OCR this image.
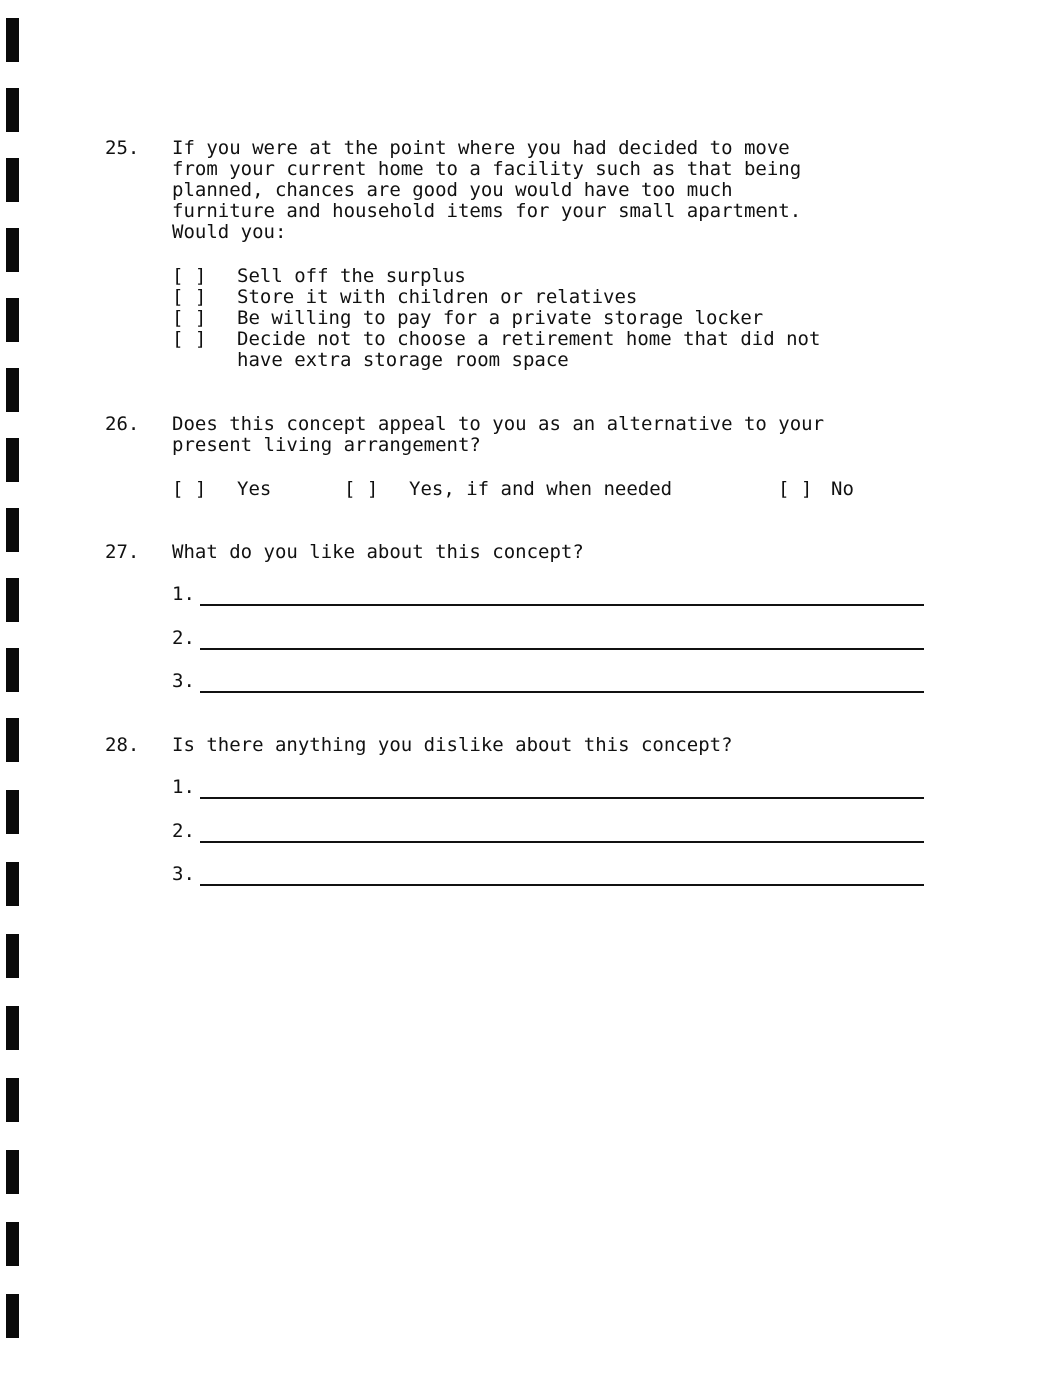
25. If you were at the point where you had decided to move
from your current home to a facility such as that being
planned, chances are good you would have too much
furniture and household items for your small apartment.
Would you:
[ ] Sell off the surplus
[ ] Store it with children or relatives
[ ] Be willing to pay for a private storage locker
[ ] Decide not to choose a retirement home that did not
have extra storage room space
26. Does this concept appeal to you as an alternative to your
present living arrangement?
[ ] Yes	[ ] Yes, if and when needed	[ ] No
27. What do you like about this concept?
1.
2.
3.
28. Is there anything you dislike about this concept?
1.
2.
3.
